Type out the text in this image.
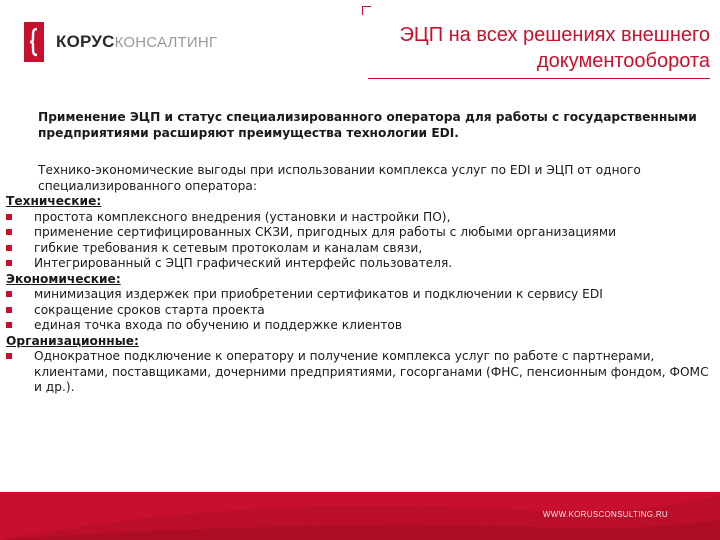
КОРУС КОНСАЛТИНГ	ЭЦП на всех решениях внешнего документооборота

Применение ЭЦП и статус специализированного оператора для работы с государственными предприятиями расширяют преимущества технологии EDI.

Технико-экономические выгоды при использовании комплекса услуг по EDI и ЭЦП от одного специализированного оператора:

Технические:
простота комплексного внедрения (установки и настройки ПО),
применение сертифицированных СКЗИ, пригодных для работы с любыми организациями
гибкие требования к сетевым протоколам и каналам связи,
Интегрированный с ЭЦП графический интерфейс пользователя.
Экономические:
минимизация издержек при приобретении сертификатов и подключении к сервису EDI
сокращение сроков старта проекта
единая точка входа по обучению и поддержке клиентов
Организационные:
Однократное подключение к оператору и получение комплекса услуг по работе с партнерами, клиентами, поставщиками, дочерними предприятиями, госорганами (ФНС, пенсионным фондом, ФОМС и др.).
WWW.KORUSCONSULTING.RU
